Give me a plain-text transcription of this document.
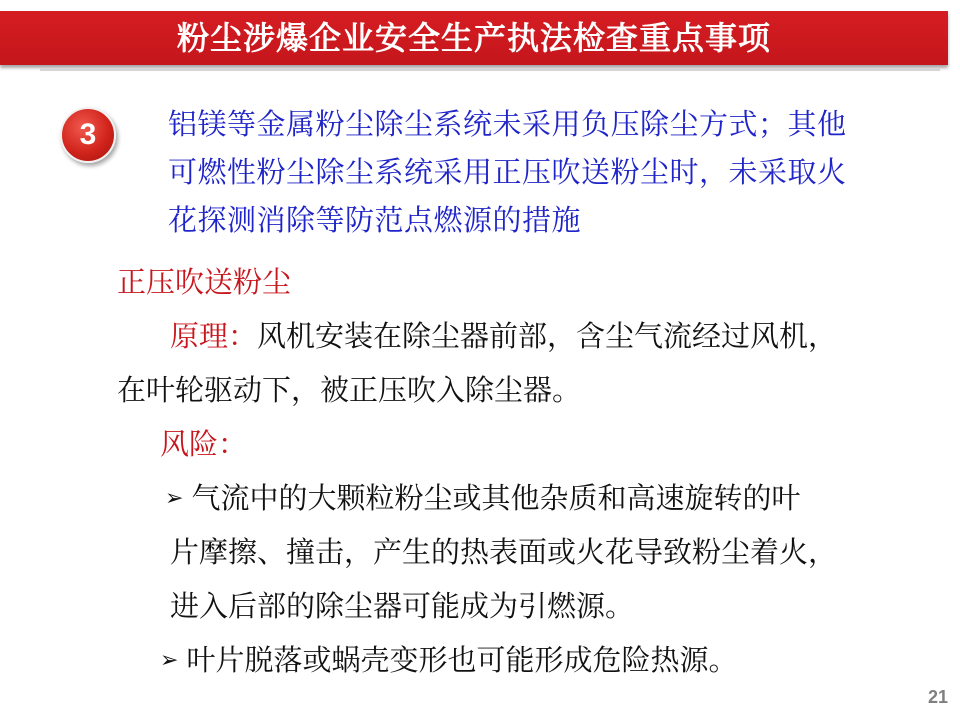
粉尘涉爆企业安全生产执法检查重点事项
3	铝镁等金属粉尘除尘系统未采用负压除尘方式；其他
可燃性粉尘除尘系统采用正压吹送粉尘时，未采取火
花探测消除等防范点燃源的措施
正压吹送粉尘
原理：风机安装在除尘器前部，含尘气流经过风机，
在叶轮驱动下，被正压吹入除尘器。
风险：
➢ 气流中的大颗粒粉尘或其他杂质和高速旋转的叶
片摩擦、撞击，产生的热表面或火花导致粉尘着火，
进入后部的除尘器可能成为引燃源。
➢ 叶片脱落或蜗壳变形也可能形成危险热源。
21
